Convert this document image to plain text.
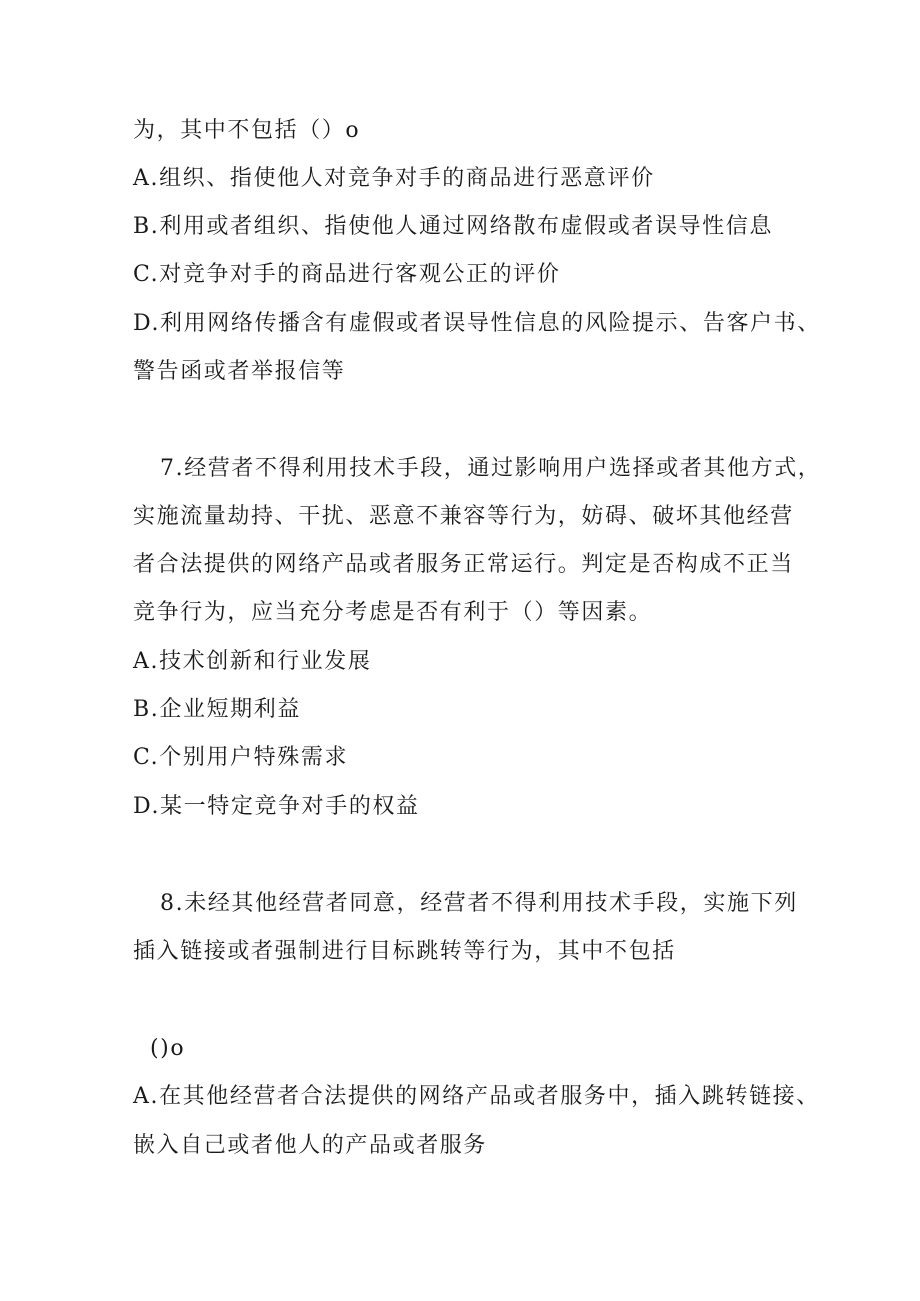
为，其中不包括（）o
A.组织、指使他人对竞争对手的商品进行恶意评价
B.利用或者组织、指使他人通过网络散布虚假或者误导性信息
C.对竞争对手的商品进行客观公正的评价
D.利用网络传播含有虚假或者误导性信息的风险提示、告客户书、
警告函或者举报信等
7.经营者不得利用技术手段，通过影响用户选择或者其他方式，
实施流量劫持、干扰、恶意不兼容等行为，妨碍、破坏其他经营
者合法提供的网络产品或者服务正常运行。判定是否构成不正当
竞争行为，应当充分考虑是否有利于（）等因素。
A.技术创新和行业发展
B.企业短期利益
C.个别用户特殊需求
D.某一特定竞争对手的权益
8.未经其他经营者同意，经营者不得利用技术手段，实施下列
插入链接或者强制进行目标跳转等行为，其中不包括
()o
A.在其他经营者合法提供的网络产品或者服务中，插入跳转链接、
嵌入自己或者他人的产品或者服务
